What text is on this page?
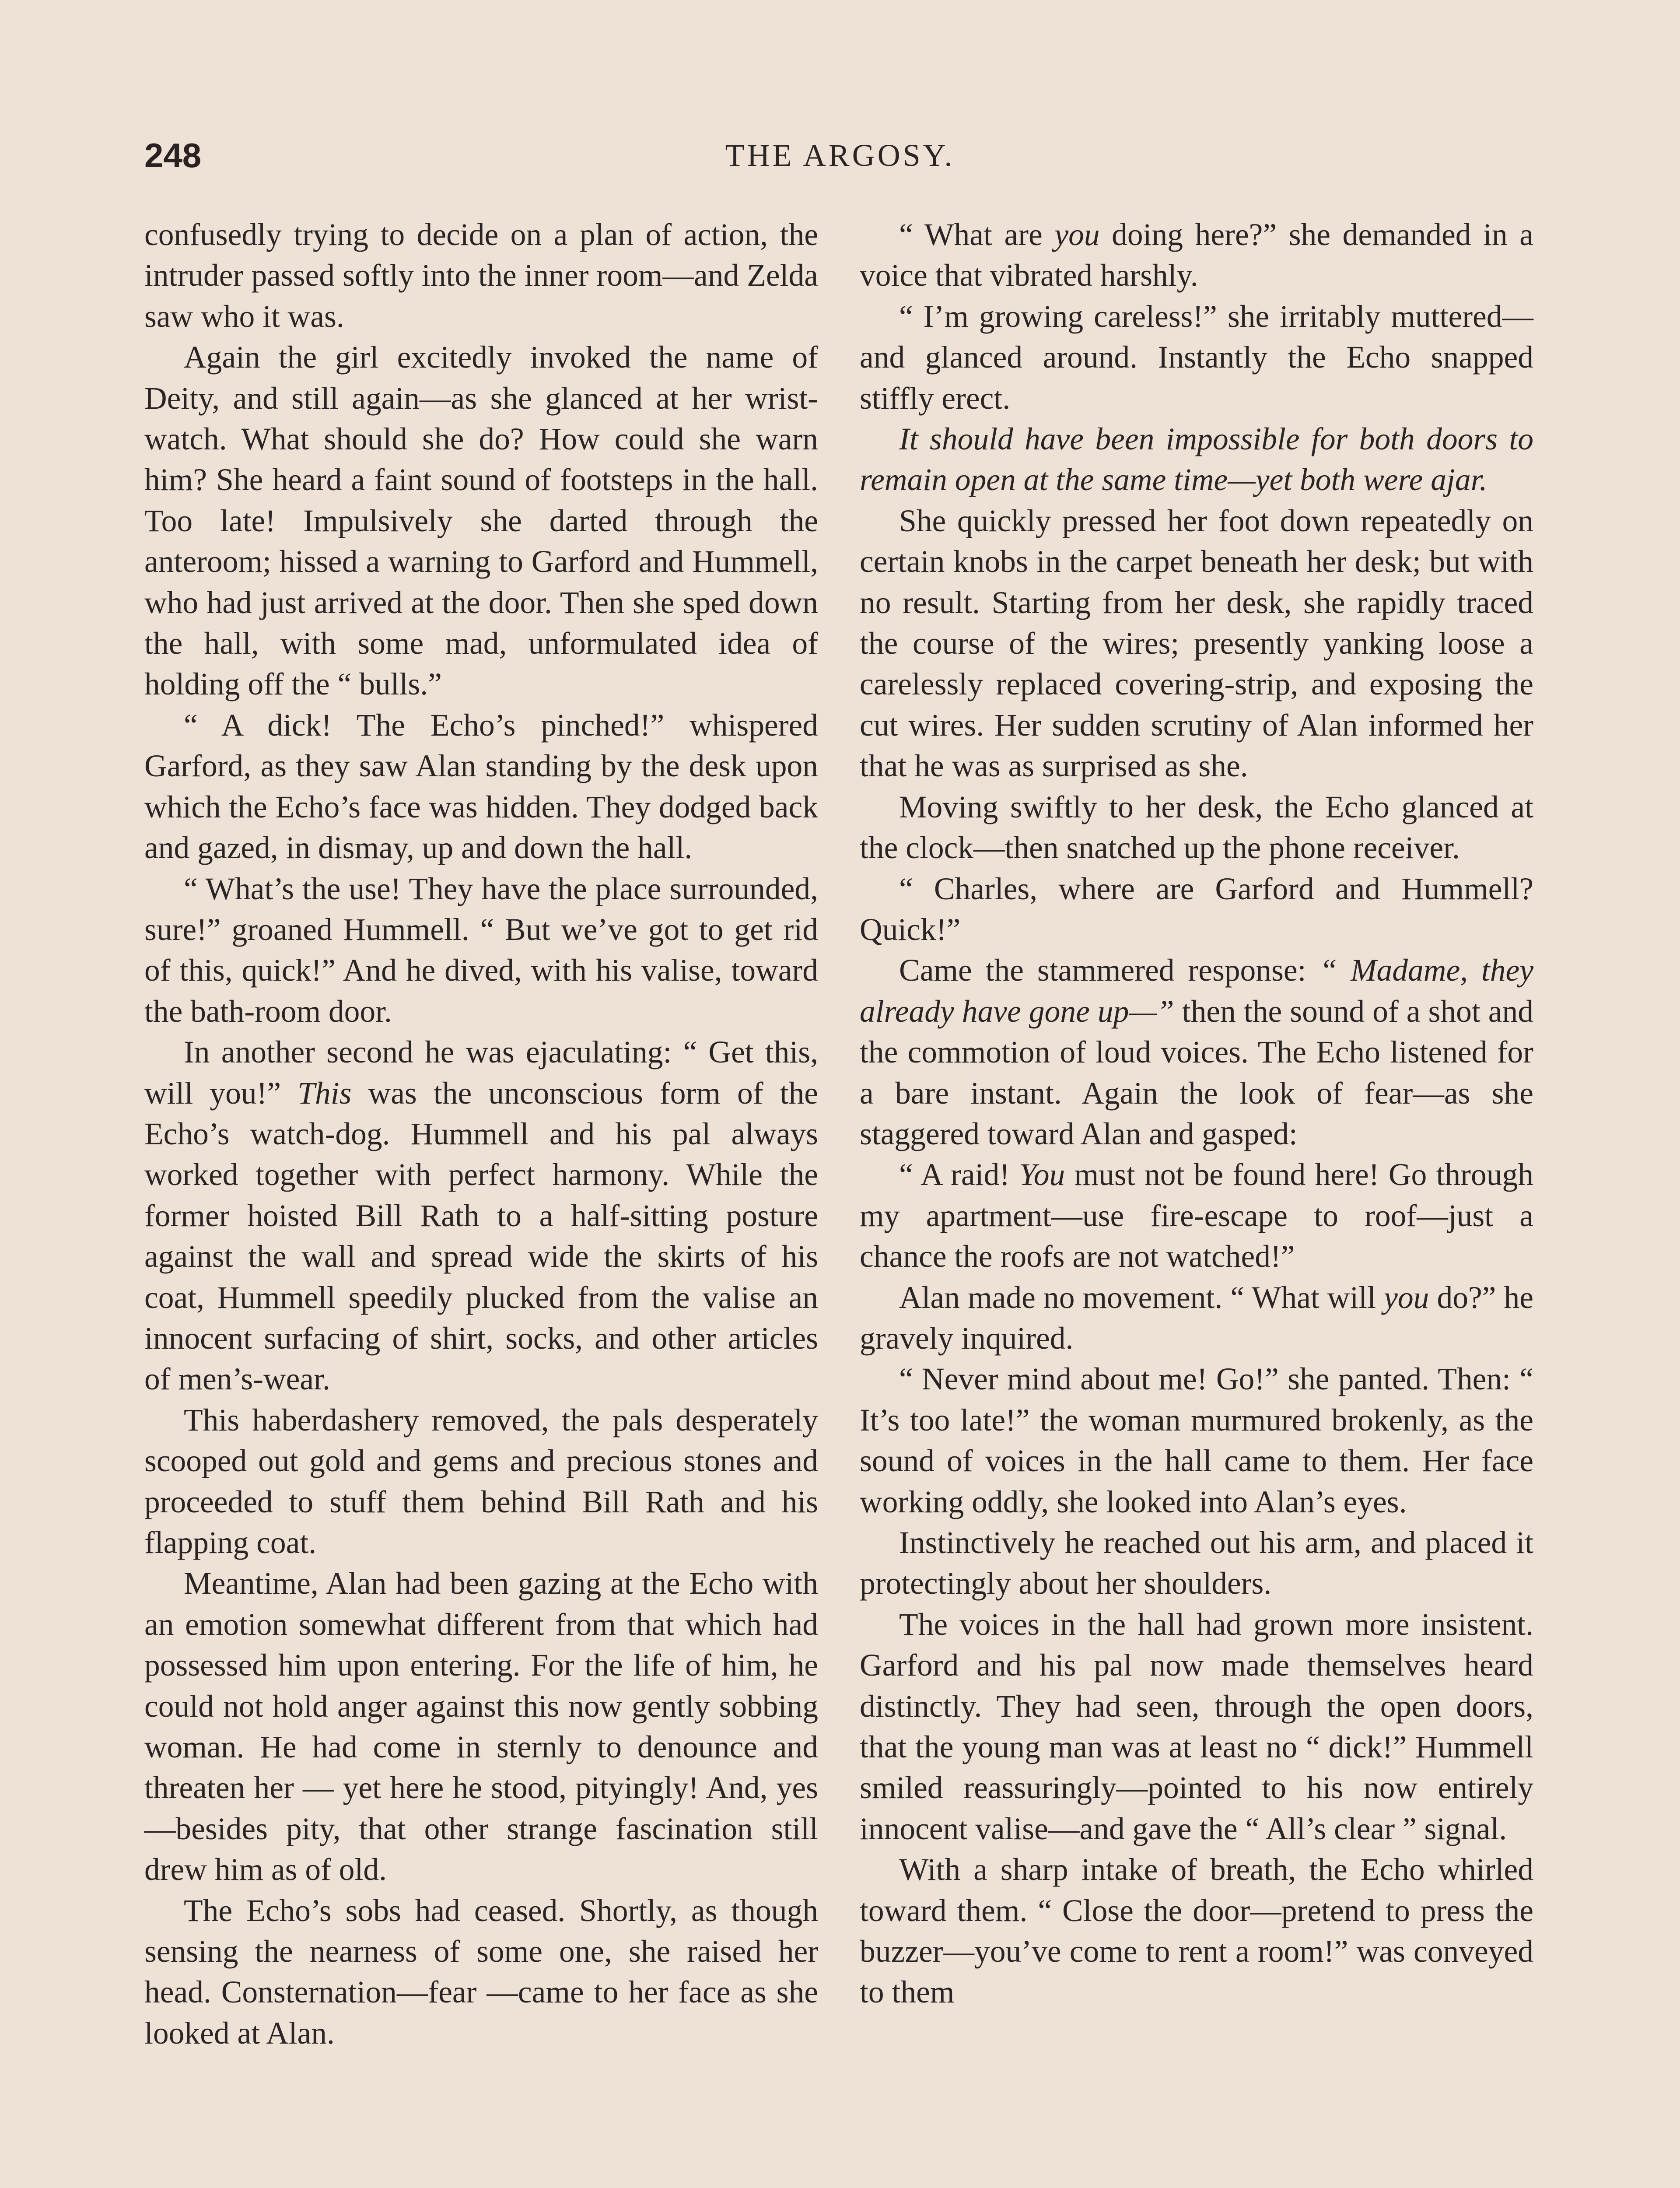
248	THE ARGOSY.

confusedly trying to decide on a plan of action, the intruder passed softly into the inner room—and Zelda saw who it was.

Again the girl excitedly invoked the name of Deity, and still again—as she glanced at her wrist-watch. What should she do? How could she warn him? She heard a faint sound of footsteps in the hall. Too late! Impulsively she darted through the anteroom; hissed a warning to Garford and Hummell, who had just arrived at the door. Then she sped down the hall, with some mad, unformulated idea of holding off the “ bulls.”

“ A dick! The Echo’s pinched!” whispered Garford, as they saw Alan standing by the desk upon which the Echo’s face was hidden. They dodged back and gazed, in dismay, up and down the hall.

“ What’s the use! They have the place surrounded, sure!” groaned Hummell. “ But we’ve got to get rid of this, quick!” And he dived, with his valise, toward the bath-room door.

In another second he was ejaculating: “ Get this, will you!” This was the unconscious form of the Echo’s watch-dog. Hummell and his pal always worked together with perfect harmony. While the former hoisted Bill Rath to a half-sitting posture against the wall and spread wide the skirts of his coat, Hummell speedily plucked from the valise an innocent surfacing of shirt, socks, and other articles of men’s-wear.

This haberdashery removed, the pals desperately scooped out gold and gems and precious stones and proceeded to stuff them behind Bill Rath and his flapping coat.

Meantime, Alan had been gazing at the Echo with an emotion somewhat different from that which had possessed him upon entering. For the life of him, he could not hold anger against this now gently sobbing woman. He had come in sternly to denounce and threaten her — yet here he stood, pityingly! And, yes—besides pity, that other strange fascination still drew him as of old.

The Echo’s sobs had ceased. Shortly, as though sensing the nearness of some one, she raised her head. Consternation—fear —came to her face as she looked at Alan.

“ What are you doing here?” she demanded in a voice that vibrated harshly.

“ I’m growing careless!” she irritably muttered—and glanced around. Instantly the Echo snapped stiffly erect.

It should have been impossible for both doors to remain open at the same time—yet both were ajar.

She quickly pressed her foot down repeatedly on certain knobs in the carpet beneath her desk; but with no result. Starting from her desk, she rapidly traced the course of the wires; presently yanking loose a carelessly replaced covering-strip, and exposing the cut wires. Her sudden scrutiny of Alan informed her that he was as surprised as she.

Moving swiftly to her desk, the Echo glanced at the clock—then snatched up the phone receiver.

“ Charles, where are Garford and Hummell? Quick!”

Came the stammered response: “ Madame, they already have gone up—” then the sound of a shot and the commotion of loud voices. The Echo listened for a bare instant. Again the look of fear—as she staggered toward Alan and gasped:

“ A raid! You must not be found here! Go through my apartment—use fire-escape to roof—just a chance the roofs are not watched!”

Alan made no movement. “ What will you do?” he gravely inquired.

“ Never mind about me! Go!” she panted. Then: “ It’s too late!” the woman murmured brokenly, as the sound of voices in the hall came to them. Her face working oddly, she looked into Alan’s eyes.

Instinctively he reached out his arm, and placed it protectingly about her shoulders.

The voices in the hall had grown more insistent. Garford and his pal now made themselves heard distinctly. They had seen, through the open doors, that the young man was at least no “ dick!” Hummell smiled reassuringly—pointed to his now entirely innocent valise—and gave the “ All’s clear ” signal.

With a sharp intake of breath, the Echo whirled toward them. “ Close the door—pretend to press the buzzer—you’ve come to rent a room!” was conveyed to them
